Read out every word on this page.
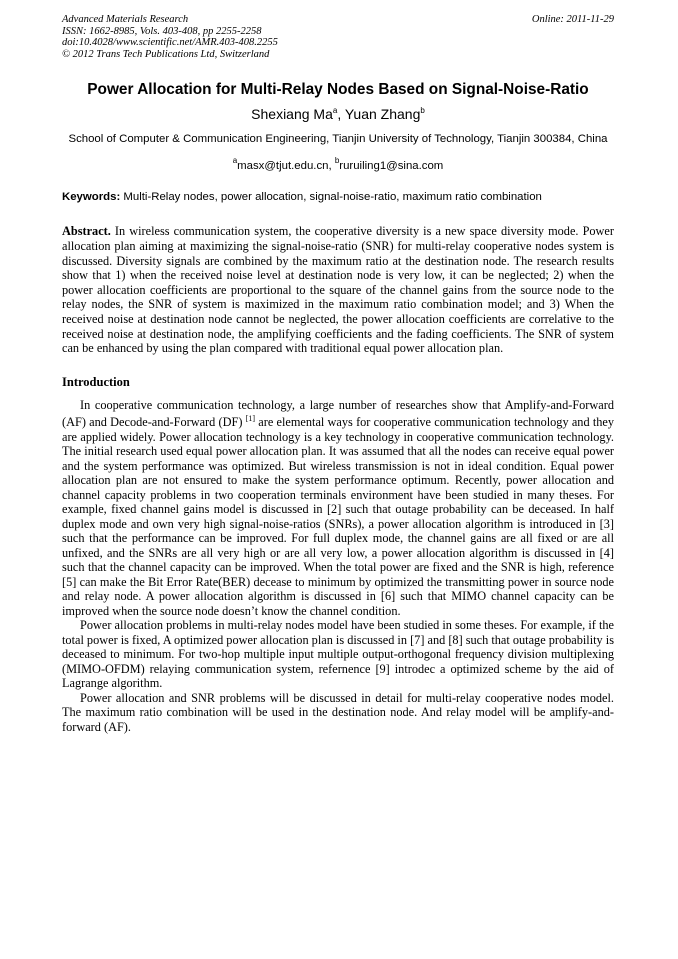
Advanced Materials Research
ISSN: 1662-8985, Vols. 403-408, pp 2255-2258
doi:10.4028/www.scientific.net/AMR.403-408.2255
© 2012 Trans Tech Publications Ltd, Switzerland
Online: 2011-11-29
Power Allocation for Multi-Relay Nodes Based on Signal-Noise-Ratio
Shexiang Ma$^a$, Yuan Zhang$^b$
School of Computer & Communication Engineering, Tianjin University of Technology, Tianjin 300384, China
$^a$masx@tjut.edu.cn, $^b$ruruiling1@sina.com
Keywords: Multi-Relay nodes, power allocation, signal-noise-ratio, maximum ratio combination
Abstract. In wireless communication system, the cooperative diversity is a new space diversity mode. Power allocation plan aiming at maximizing the signal-noise-ratio (SNR) for multi-relay cooperative nodes system is discussed. Diversity signals are combined by the maximum ratio at the destination node. The research results show that 1) when the received noise level at destination node is very low, it can be neglected; 2) when the power allocation coefficients are proportional to the square of the channel gains from the source node to the relay nodes, the SNR of system is maximized in the maximum ratio combination model; and 3) When the received noise at destination node cannot be neglected, the power allocation coefficients are correlative to the received noise at destination node, the amplifying coefficients and the fading coefficients. The SNR of system can be enhanced by using the plan compared with traditional equal power allocation plan.
Introduction

In cooperative communication technology, a large number of researches show that Amplify-and-Forward (AF) and Decode-and-Forward (DF) [1] are elemental ways for cooperative communication technology and they are applied widely. Power allocation technology is a key technology in cooperative communication technology. The initial research used equal power allocation plan. It was assumed that all the nodes can receive equal power and the system performance was optimized. But wireless transmission is not in ideal condition. Equal power allocation plan are not ensured to make the system performance optimum. Recently, power allocation and channel capacity problems in two cooperation terminals environment have been studied in many theses. For example, fixed channel gains model is discussed in [2] such that outage probability can be deceased. In half duplex mode and own very high signal-noise-ratios (SNRs), a power allocation algorithm is introduced in [3] such that the performance can be improved. For full duplex mode, the channel gains are all fixed or are all unfixed, and the SNRs are all very high or are all very low, a power allocation algorithm is discussed in [4] such that the channel capacity can be improved. When the total power are fixed and the SNR is high, reference [5] can make the Bit Error Rate(BER) decease to minimum by optimized the transmitting power in source node and relay node. A power allocation algorithm is discussed in [6] such that MIMO channel capacity can be improved when the source node doesn’t know the channel condition.

Power allocation problems in multi-relay nodes model have been studied in some theses. For example, if the total power is fixed, A optimized power allocation plan is discussed in [7] and [8] such that outage probability is deceased to minimum. For two-hop multiple input multiple output-orthogonal frequency division multiplexing (MIMO-OFDM) relaying communication system, refernence [9] introdec a optimized scheme by the aid of Lagrange algorithm.

Power allocation and SNR problems will be discussed in detail for multi-relay cooperative nodes model. The maximum ratio combination will be used in the destination node. And relay model will be amplify-and-forward (AF).
